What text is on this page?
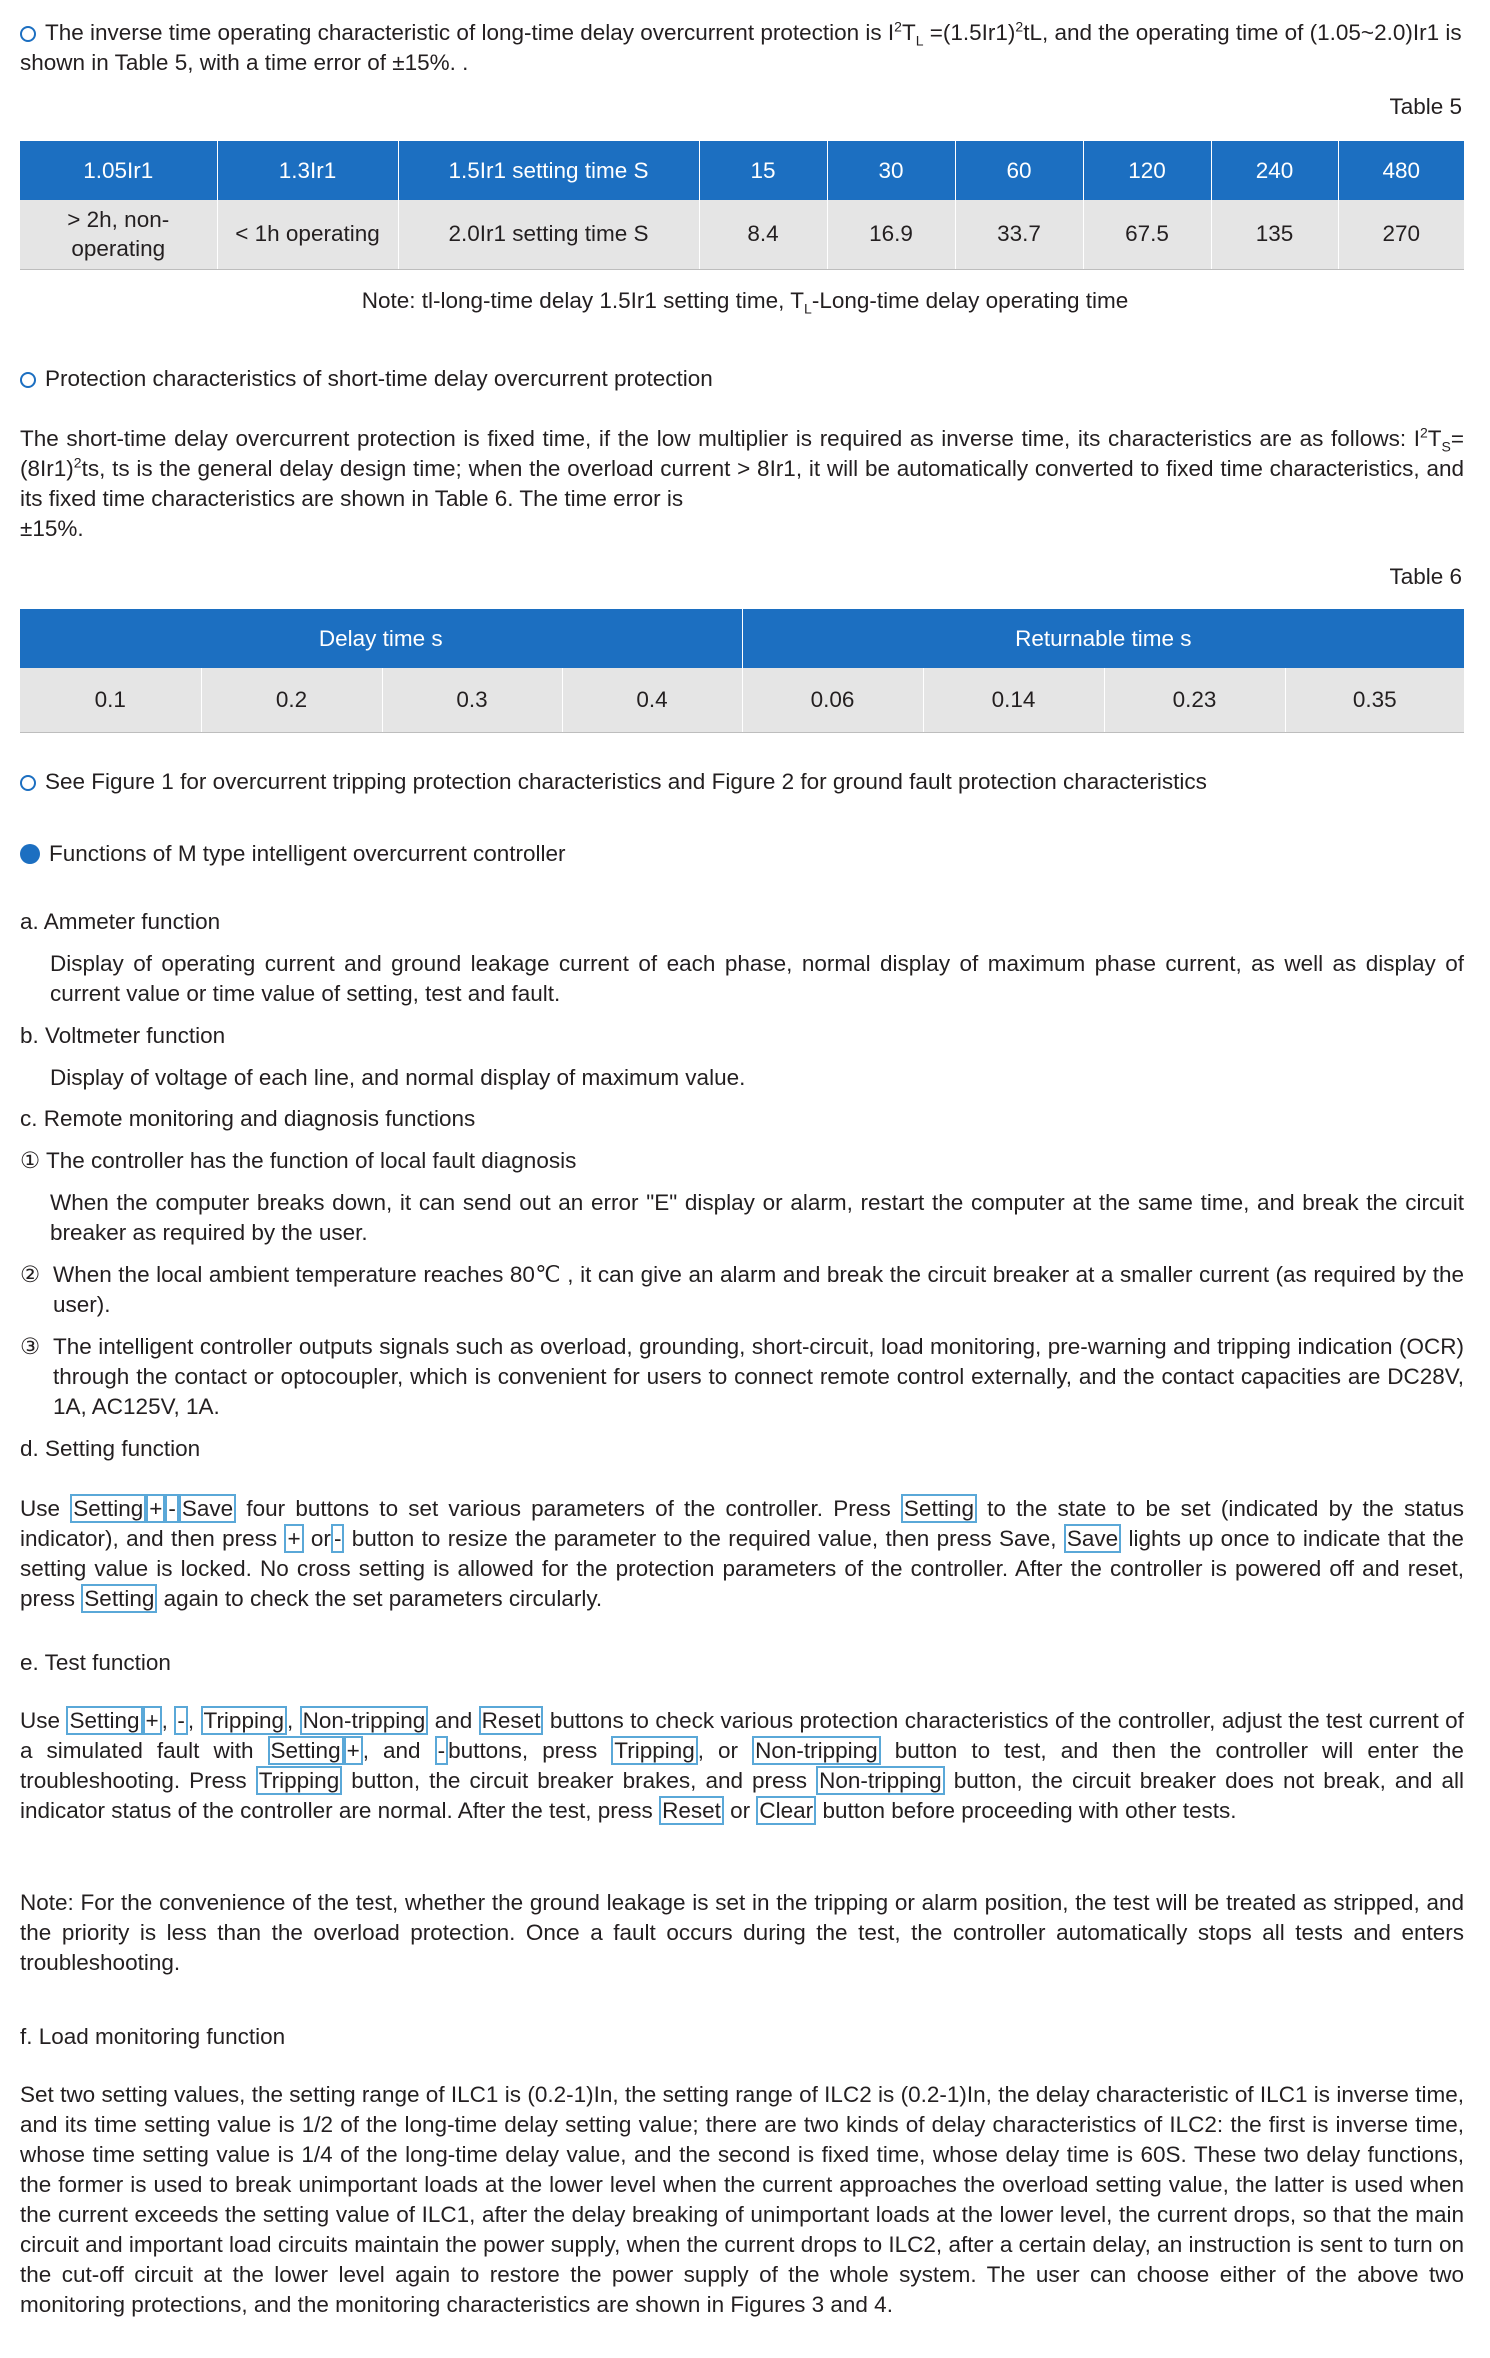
The inverse time operating characteristic of long-time delay overcurrent protection is $I^2T_L =(1.5Ir1)^2tL$, and the operating time of (1.05~2.0)Ir1 is shown in Table 5, with a time error of ±15%. .
Table 5
1.05Ir1	1.3Ir1	1.5Ir1 setting time S	15	30	60	120	240	480

> 2h, non-operating	< 1h operating	2.0Ir1 setting time S	8.4	16.9	33.7	67.5	135	270
Note: tl-long-time delay 1.5Ir1 setting time, $T_L-Long$-time delay operating time
Protection characteristics of short-time delay overcurrent protection
The short-time delay overcurrent protection is fixed time, if the low multiplier is required as inverse time, its characteristics are as follows: $I^2T_S=(8Ir1)^2ts$, ts is the general delay design time; when the overload current > 8Ir1, it will be automatically converted to fixed time characteristics, and its fixed time characteristics are shown in Table 6. The time error is
±15%.
Table 6
Delay time s				Returnable time s			
0.1	0.2	0.3	0.4	0.06	0.14	0.23	0.35
See Figure 1 for overcurrent tripping protection characteristics and Figure 2 for ground fault protection characteristics
Functions of M type intelligent overcurrent controller
a. Ammeter function
Display of operating current and ground leakage current of each phase, normal display of maximum phase current, as well as display of current value or time value of setting, test and fault.
b. Voltmeter function
Display of voltage of each line, and normal display of maximum value.
c. Remote monitoring and diagnosis functions
① The controller has the function of local fault diagnosis
When the computer breaks down, it can send out an error "E" display or alarm, restart the computer at the same time, and break the circuit breaker as required by the user.
② When the local ambient temperature reaches 80℃ , it can give an alarm and break the circuit breaker at a smaller current (as required by the user).
③ The intelligent controller outputs signals such as overload, grounding, short-circuit, load monitoring, pre-warning and tripping indication (OCR) through the contact or optocoupler, which is convenient for users to connect remote control externally, and the contact capacities are DC28V, 1A, AC125V, 1A.
d. Setting function
Use Setting + - Save four buttons to set various parameters of the controller. Press Setting to the state to be set (indicated by the status indicator), and then press + or - button to resize the parameter to the required value, then press Save, Save lights up once to indicate that the setting value is locked. No cross setting is allowed for the protection parameters of the controller. After the controller is powered off and reset, press Setting again to check the set parameters circularly.
e. Test function
Use Setting + , - , Tripping , Non-tripping and Reset buttons to check various protection characteristics of the controller, adjust the test current of a simulated fault with Setting + , and - buttons, press Tripping , or Non-tripping button to test, and then the controller will enter the troubleshooting. Press Tripping button, the circuit breaker brakes, and press Non-tripping button, the circuit breaker does not break, and all indicator status of the controller are normal. After the test, press Reset or Clear button before proceeding with other tests.
Note: For the convenience of the test, whether the ground leakage is set in the tripping or alarm position, the test will be treated as stripped, and the priority is less than the overload protection. Once a fault occurs during the test, the controller automatically stops all tests and enters troubleshooting.
f. Load monitoring function
Set two setting values, the setting range of ILC1 is (0.2-1)In, the setting range of ILC2 is (0.2-1)In, the delay characteristic of ILC1 is inverse time, and its time setting value is 1/2 of the long-time delay setting value; there are two kinds of delay characteristics of ILC2: the first is inverse time, whose time setting value is 1/4 of the long-time delay value, and the second is fixed time, whose delay time is 60S. These two delay functions, the former is used to break unimportant loads at the lower level when the current approaches the overload setting value, the latter is used when the current exceeds the setting value of ILC1, after the delay breaking of unimportant loads at the lower level, the current drops, so that the main circuit and important load circuits maintain the power supply, when the current drops to ILC2, after a certain delay, an instruction is sent to turn on the cut-off circuit at the lower level again to restore the power supply of the whole system. The user can choose either of the above two monitoring protections, and the monitoring characteristics are shown in Figures 3 and 4.
